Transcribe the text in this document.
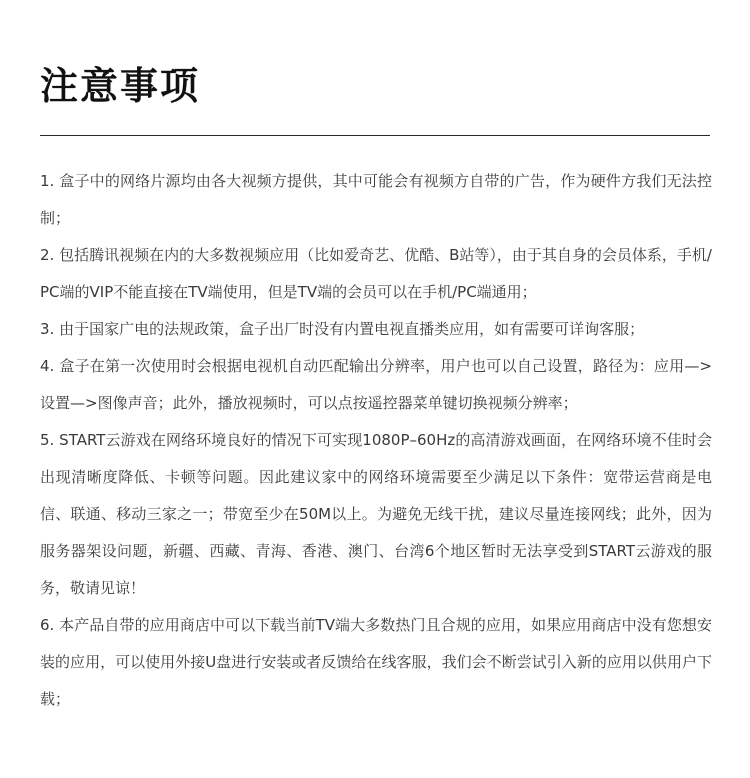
注意事项

1. 盒子中的网络片源均由各大视频方提供，其中可能会有视频方自带的广告，作为硬件方我们无法控制；

2. 包括腾讯视频在内的大多数视频应用（比如爱奇艺、优酷、B站等），由于其自身的会员体系，手机/PC端的VIP不能直接在TV端使用，但是TV端的会员可以在手机/PC端通用；

3. 由于国家广电的法规政策，盒子出厂时没有内置电视直播类应用，如有需要可详询客服；

4. 盒子在第一次使用时会根据电视机自动匹配输出分辨率，用户也可以自己设置，路径为：应用—>设置—>图像声音；此外，播放视频时，可以点按遥控器菜单键切换视频分辨率；

5. START云游戏在网络环境良好的情况下可实现1080P–60Hz的高清游戏画面，在网络环境不佳时会出现清晰度降低、卡顿等问题。因此建议家中的网络环境需要至少满足以下条件：宽带运营商是电信、联通、移动三家之一；带宽至少在50M以上。为避免无线干扰，建议尽量连接网线；此外，因为服务器架设问题，新疆、西藏、青海、香港、澳门、台湾6个地区暂时无法享受到START云游戏的服务，敬请见谅！

6. 本产品自带的应用商店中可以下载当前TV端大多数热门且合规的应用，如果应用商店中没有您想安装的应用，可以使用外接U盘进行安装或者反馈给在线客服，我们会不断尝试引入新的应用以供用户下载；
